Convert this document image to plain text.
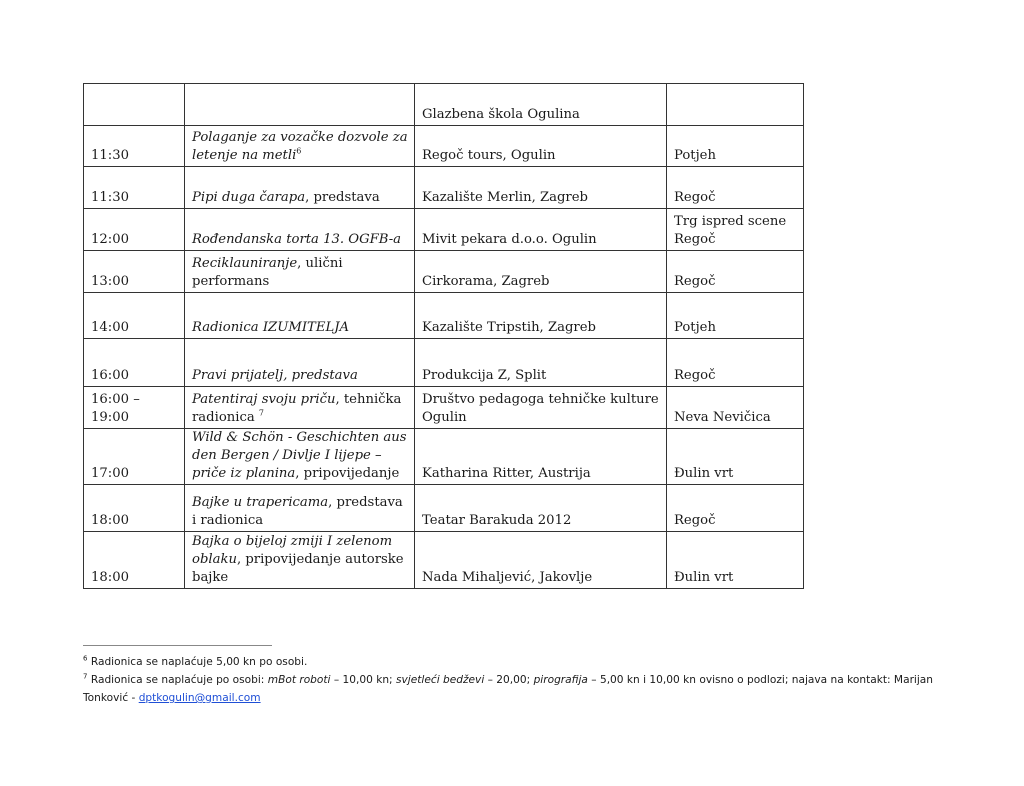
		Glazbena škola Ogulina	
11:30	Polaganje za vozačke dozvole za letenje na metli$^6$	Regoč tours, Ogulin	Potjeh
11:30	Pipi duga čarapa, predstava	Kazalište Merlin, Zagreb	Regoč
12:00	Rođendanska torta 13. OGFB-a	Mivit pekara d.o.o. Ogulin	Trg ispred scene Regoč
13:00	Reciklauniranje, ulični performans	Cirkorama, Zagreb	Regoč
14:00	Radionica IZUMITELJA	Kazalište Tripstih, Zagreb	Potjeh
16:00	Pravi prijatelj, predstava	Produkcija Z, Split	Regoč
16:00 – 19:00	Patentiraj svoju priču, tehnička radionica $^7$	Društvo pedagoga tehničke kulture Ogulin	Neva Nevičica
17:00	Wild & Schön - Geschichten aus den Bergen / Divlje I lijepe – priče iz planina, pripovijedanje	Katharina Ritter, Austrija	Đulin vrt
18:00	Bajke u trapericama, predstava i radionica	Teatar Barakuda 2012	Regoč
18:00	Bajka o bijeloj zmiji I zelenom oblaku, pripovijedanje autorske bajke	Nada Mihaljević, Jakovlje	Đulin vrt

$^6$ Radionica se naplaćuje 5,00 kn po osobi.

$^7$ Radionica se naplaćuje po osobi: mBot roboti – 10,00 kn; svjetleći bedževi – 20,00; pirografija – 5,00 kn i 10,00 kn ovisno o podlozi; najava na kontakt: Marijan Tonković - dptkogulin@gmail.com
